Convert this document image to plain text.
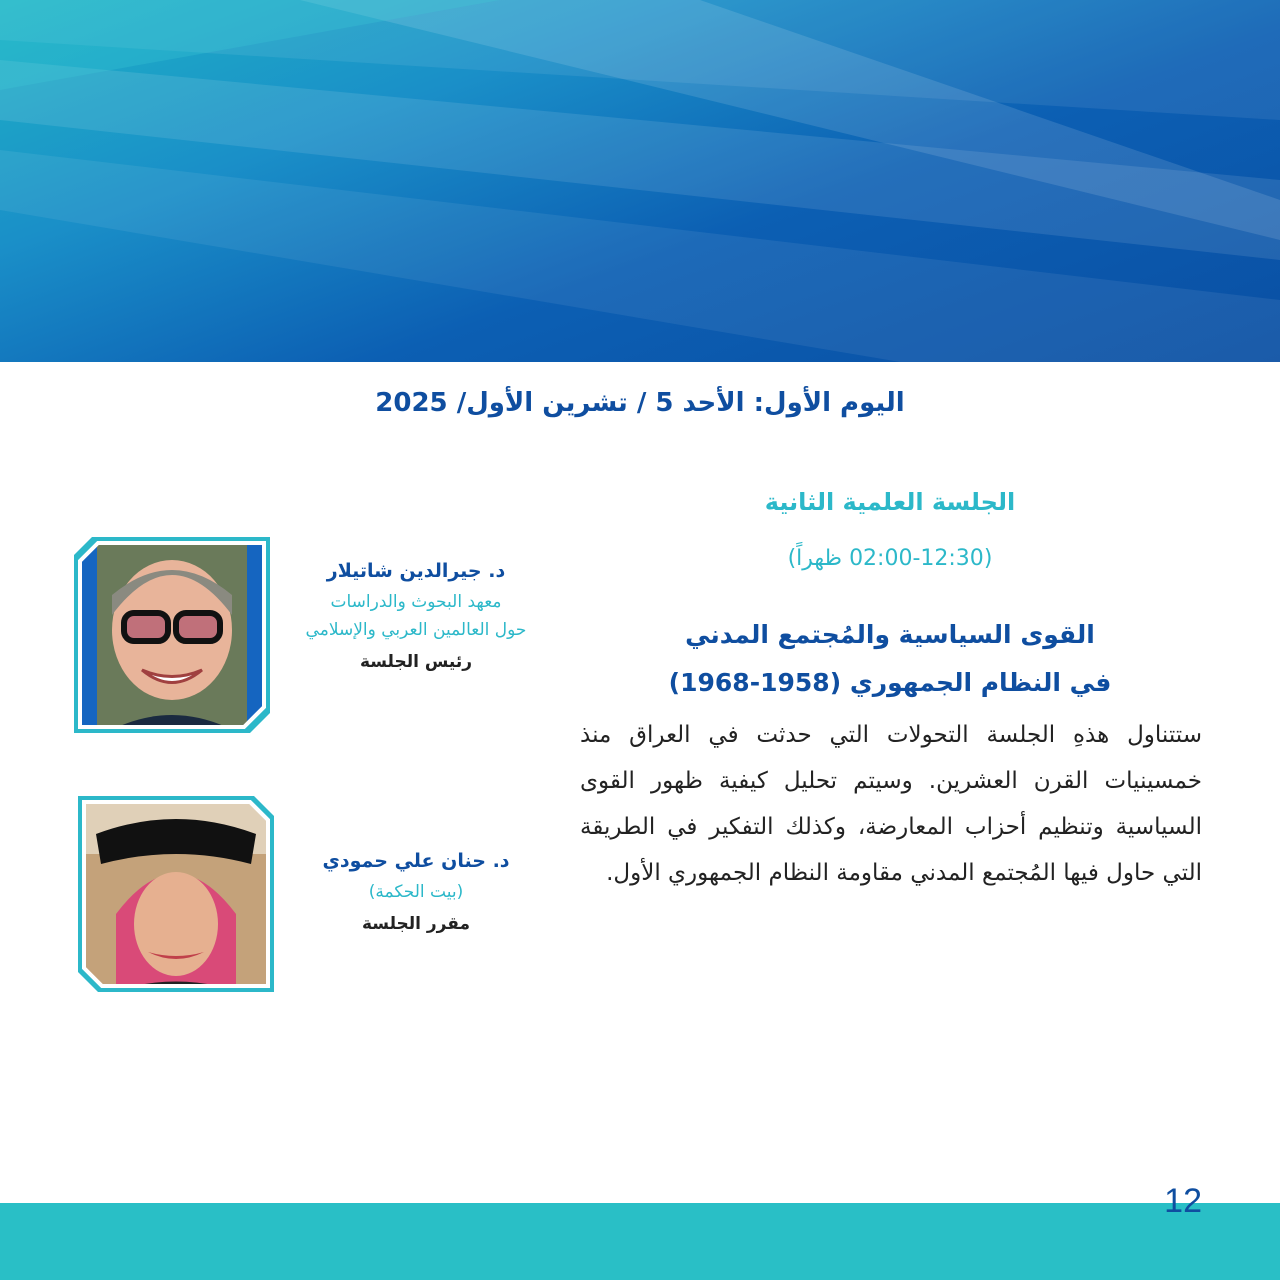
اليوم الأول: الأحد 5 / تشرين الأول/ 2025
الجلسة العلمية الثانية
(02:00-12:30 ظهراً)
القوى السياسية والمُجتمع المدني
في النظام الجمهوري (1958-1968)
ستتناول هذهِ الجلسة التحولات التي حدثت في العراق منذ خمسينيات القرن العشرين. وسيتم تحليل كيفية ظهور القوى السياسية وتنظيم أحزاب المعارضة، وكذلك التفكير في الطريقة التي حاول فيها المُجتمع المدني مقاومة النظام الجمهوري الأول.
د. جيرالدين شاتيلار
معهد البحوث والدراسات
حول العالمين العربي والإسلامي
رئيس الجلسة
د. حنان علي حمودي
(بيت الحكمة)
مقرر الجلسة
12
